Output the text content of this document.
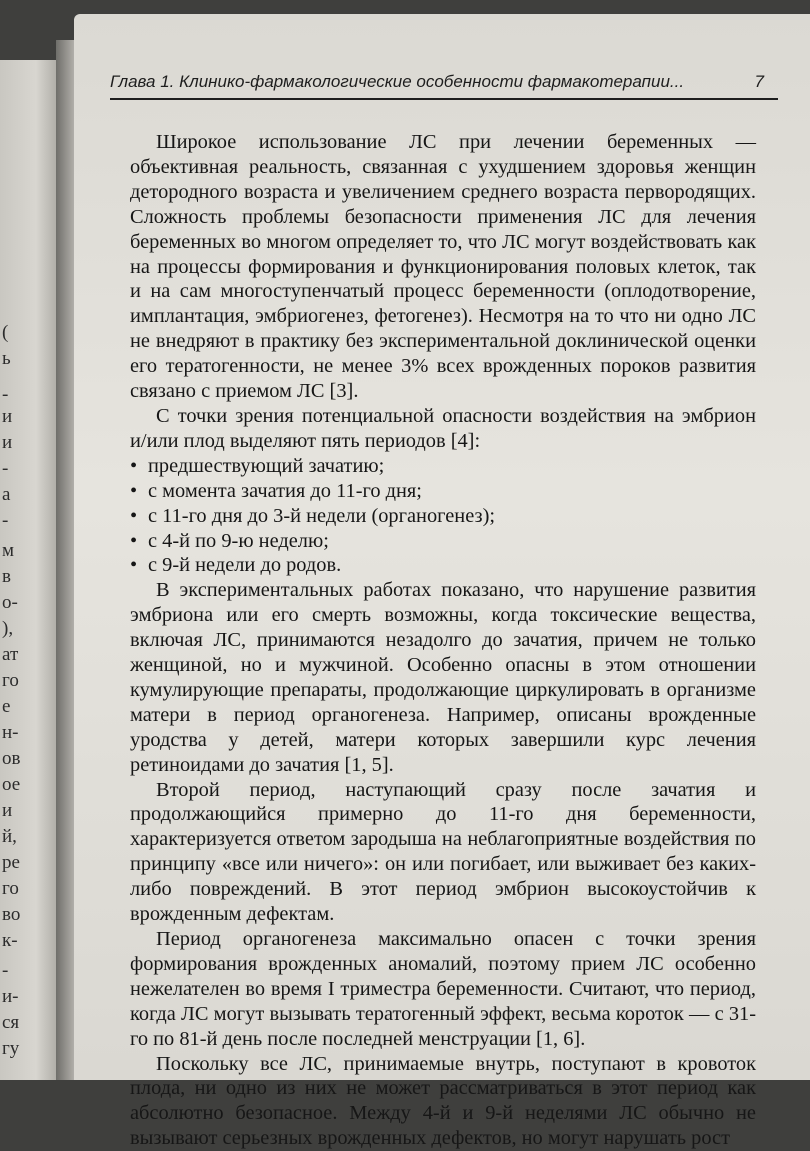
(
ь
-
и
и
-
а
-
м
в
о-
),
ат
го
е
н-
ов
ое
и
й,
ре
го
во
к-
-
и-
ся
гу
Глава 1. Клинико-фармакологические особенности фармакотерапии...	7

Широкое использование ЛС при лечении беременных — объективная реальность, связанная с ухудшением здоровья женщин детородного возраста и увеличением среднего возраста первородящих. Сложность проблемы безопасности применения ЛС для лечения беременных во многом определяет то, что ЛС могут воздействовать как на процессы формирования и функционирования половых клеток, так и на сам многоступенчатый процесс беременности (оплодотворение, имплантация, эмбриогенез, фетогенез). Несмотря на то что ни одно ЛС не внедряют в практику без экспериментальной доклинической оценки его тератогенности, не менее 3% всех врожденных пороков развития связано с приемом ЛС [3].

С точки зрения потенциальной опасности воздействия на эмбрион и/или плод выделяют пять периодов [4]:

• предшествующий зачатию;
• с момента зачатия до 11-го дня;
• с 11-го дня до 3-й недели (органогенез);
• с 4-й по 9-ю неделю;
• с 9-й недели до родов.

В экспериментальных работах показано, что нарушение развития эмбриона или его смерть возможны, когда токсические вещества, включая ЛС, принимаются незадолго до зачатия, причем не только женщиной, но и мужчиной. Особенно опасны в этом отношении кумулирующие препараты, продолжающие циркулировать в организме матери в период органогенеза. Например, описаны врожденные уродства у детей, матери которых завершили курс лечения ретиноидами до зачатия [1, 5].

Второй период, наступающий сразу после зачатия и продолжающийся примерно до 11-го дня беременности, характеризуется ответом зародыша на неблагоприятные воздействия по принципу «все или ничего»: он или погибает, или выживает без каких-либо повреждений. В этот период эмбрион высокоустойчив к врожденным дефектам.

Период органогенеза максимально опасен с точки зрения формирования врожденных аномалий, поэтому прием ЛС особенно нежелателен во время I триместра беременности. Считают, что период, когда ЛС могут вызывать тератогенный эффект, весьма короток — с 31-го по 81-й день после последней менструации [1, 6].

Поскольку все ЛС, принимаемые внутрь, поступают в кровоток плода, ни одно из них не может рассматриваться в этот период как абсолютно безопасное. Между 4-й и 9-й неделями ЛС обычно не вызывают серьезных врожденных дефектов, но могут нарушать рост
